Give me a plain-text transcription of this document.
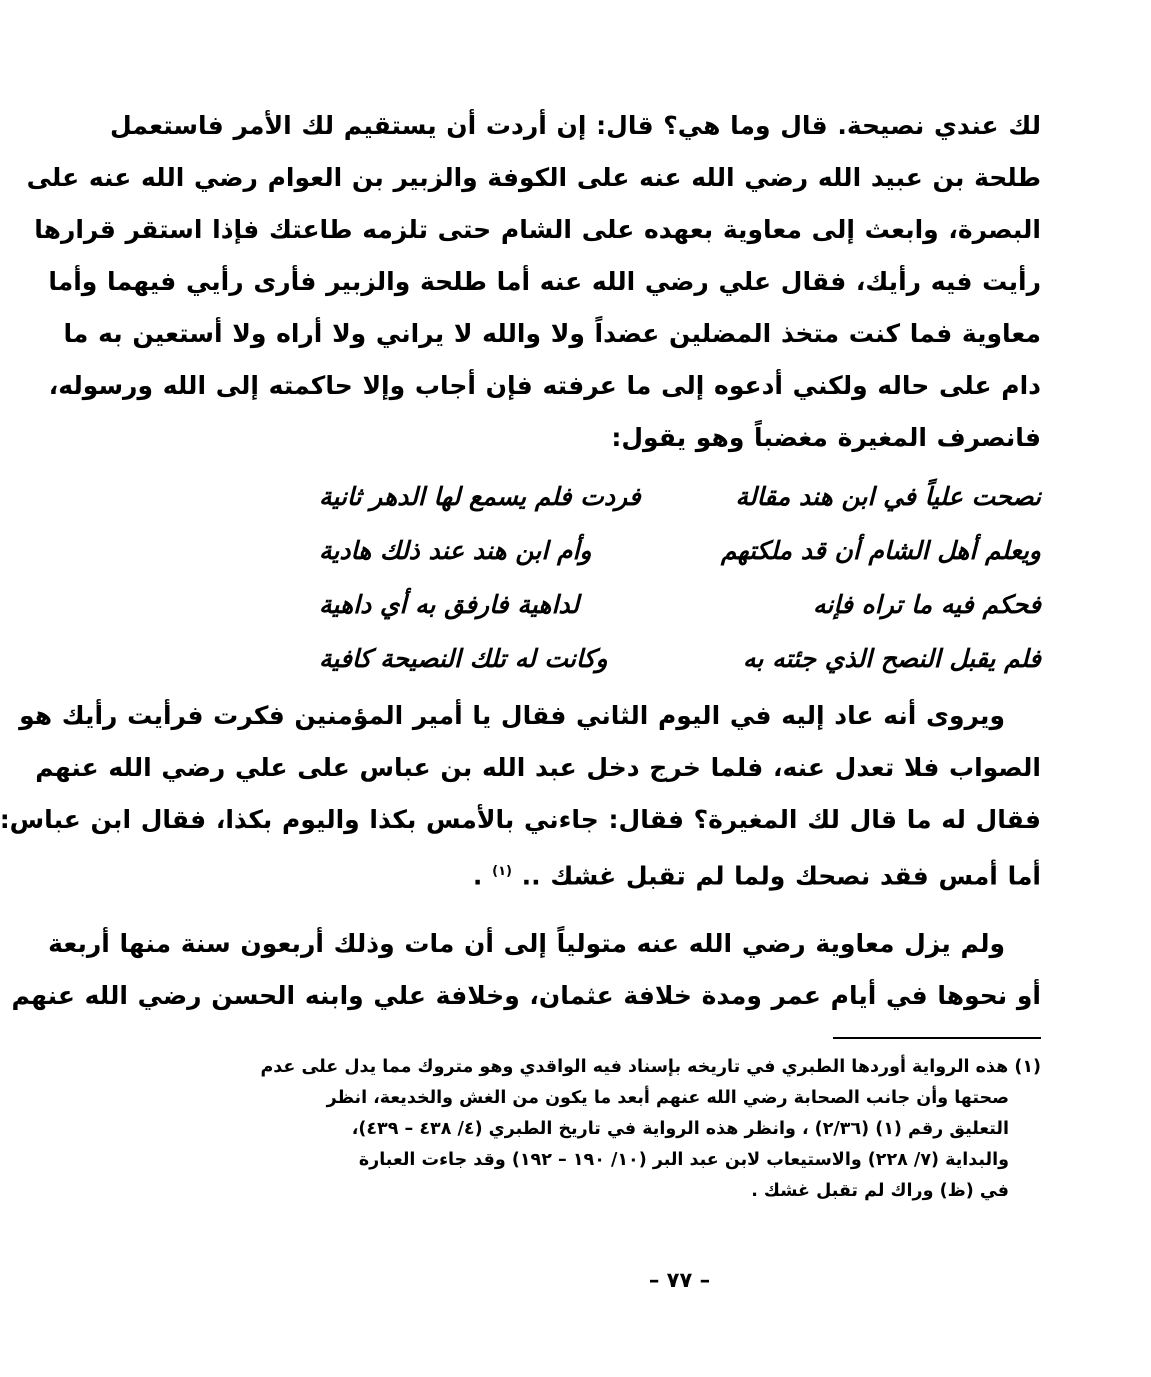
لك عندي نصيحة. قال وما هي؟ قال: إن أردت أن يستقيم لك الأمر فاستعمل
طلحة بن عبيد الله رضي الله عنه على الكوفة والزبير بن العوام رضي الله عنه على
البصرة، وابعث إلى معاوية بعهده على الشام حتى تلزمه طاعتك فإذا استقر قرارها
رأيت فيه رأيك، فقال علي رضي الله عنه أما طلحة والزبير فأرى رأيي فيهما وأما
معاوية فما كنت متخذ المضلين عضداً ولا والله لا يراني ولا أراه ولا أستعين به ما
دام على حاله ولكني أدعوه إلى ما عرفته فإن أجاب وإلا حاكمته إلى الله ورسوله،
فانصرف المغيرة مغضباً وهو يقول:
نصحت علياً في ابن هند مقالة
فردت فلم يسمع لها الدهر ثانية
ويعلم أهل الشام أن قد ملكتهم
وأم ابن هند عند ذلك هادية
فحكم فيه ما تراه فإنه
لداهية فارفق به أي داهية
فلم يقبل النصح الذي جئته به
وكانت له تلك النصيحة كافية
ويروى أنه عاد إليه في اليوم الثاني فقال يا أمير المؤمنين فكرت فرأيت رأيك هو
الصواب فلا تعدل عنه، فلما خرج دخل عبد الله بن عباس على علي رضي الله عنهم
فقال له ما قال لك المغيرة؟ فقال: جاءني بالأمس بكذا واليوم بكذا، فقال ابن عباس:
أما أمس فقد نصحك ولما لم تقبل غشك .. $^{(١)}$ .
ولم يزل معاوية رضي الله عنه متولياً إلى أن مات وذلك أربعون سنة منها أربعة
أو نحوها في أيام عمر ومدة خلافة عثمان، وخلافة علي وابنه الحسن رضي الله عنهم
(١) هذه الرواية أوردها الطبري في تاريخه بإسناد فيه الواقدي وهو متروك مما يدل على عدم
صحتها وأن جانب الصحابة رضي الله عنهم أبعد ما يكون من الغش والخديعة، انظر
التعليق رقم (١) (٢/٣٦) ، وانظر هذه الرواية في تاريخ الطبري (٤/ ٤٣٨ – ٤٣٩)،
والبداية (٧/ ٢٢٨) والاستيعاب لابن عبد البر (١٠/ ١٩٠ – ١٩٢) وقد جاءت العبارة
في (ظ) وراك لم تقبل غشك .
– ٧٧ –
